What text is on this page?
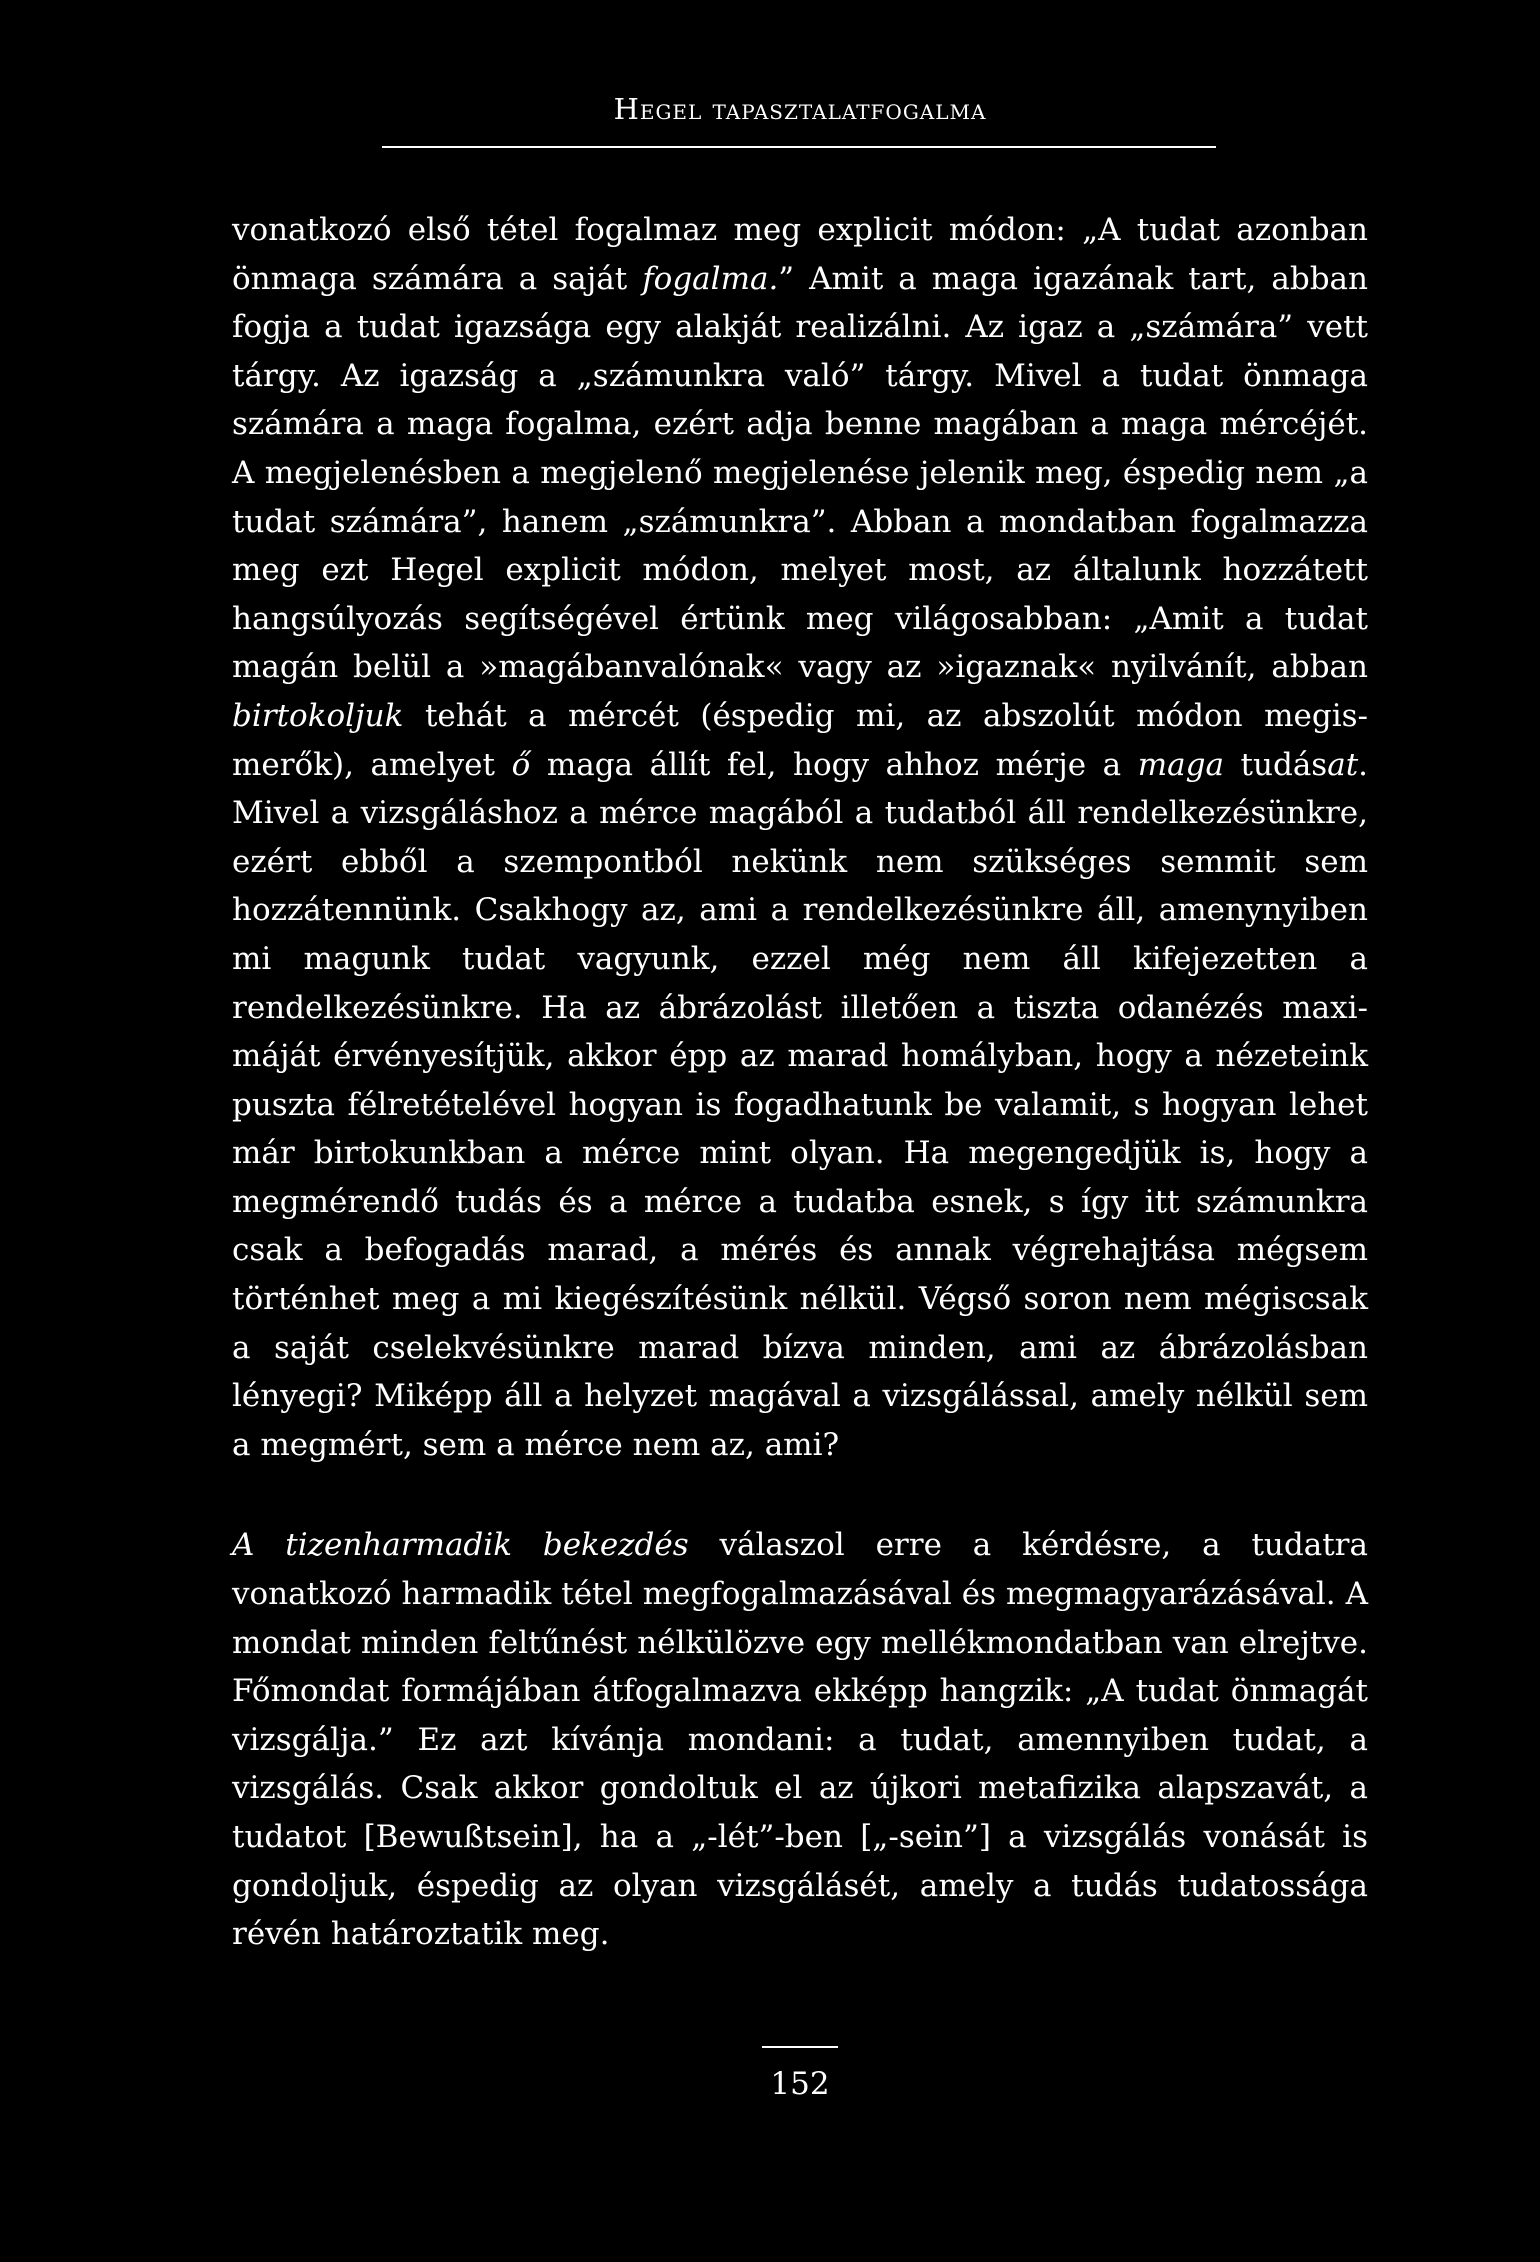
Hegel tapasztalatfogalma

vonatkozó első tétel fogalmaz meg explicit módon: „A tudat azonban önmaga számára a saját fogalma.” Amit a maga igazának tart, abban fogja a tudat igazsága egy alakját realizálni. Az igaz a „számára” vett tárgy. Az igazság a „számunkra való” tárgy. Mivel a tudat önmaga számára a maga fogalma, ezért adja benne magában a maga mércéjét. A megjelenésben a megjelenő megjelenése jelenik meg, éspedig nem „a tudat számára”, hanem „számunkra”. Abban a mondatban fogalmazza meg ezt Hegel explicit módon, melyet most, az általunk hozzátett hangsúlyozás segítségével értünk meg világosabban: „Amit a tudat magán belül a »magábanvalónak« vagy az »igaznak« nyilvánít, abban birtokoljuk tehát a mércét (éspedig mi, az abszolút módon megismerők), amelyet ő maga állít fel, hogy ahhoz mérje a maga tudásat. Mivel a vizsgáláshoz a mérce magából a tudatból áll rendelkezésünkre, ezért ebből a szempontból nekünk nem szükséges semmit sem hozzátennünk. Csakhogy az, ami a rendelkezésünkre áll, amenynyiben mi magunk tudat vagyunk, ezzel még nem áll kifejezetten a rendelkezésünkre. Ha az ábrázolást illetően a tiszta odanézés maximáját érvényesítjük, akkor épp az marad homályban, hogy a nézeteink puszta félretételével hogyan is fogadhatunk be valamit, s hogyan lehet már birtokunkban a mérce mint olyan. Ha megengedjük is, hogy a megmérendő tudás és a mérce a tudatba esnek, s így itt számunkra csak a befogadás marad, a mérés és annak végrehajtása mégsem történhet meg a mi kiegészítésünk nélkül. Végső soron nem mégiscsak a saját cselekvésünkre marad bízva minden, ami az ábrázolásban lényegi? Miképp áll a helyzet magával a vizsgálással, amely nélkül sem a megmért, sem a mérce nem az, ami?

A tizenharmadik bekezdés válaszol erre a kérdésre, a tudatra vonatkozó harmadik tétel megfogalmazásával és megmagyarázásával. A mondat minden feltűnést nélkülözve egy mellékmondatban van elrejtve. Főmondat formájában átfogalmazva ekképp hangzik: „A tudat önmagát vizsgálja.” Ez azt kívánja mondani: a tudat, amennyiben tudat, a vizsgálás. Csak akkor gondoltuk el az újkori metafizika alapszavát, a tudatot [Bewußtsein], ha a „-lét”-ben [„-sein”] a vizsgálás vonását is gondoljuk, éspedig az olyan vizsgálásét, amely a tudás tudatossága révén határoztatik meg.

152
